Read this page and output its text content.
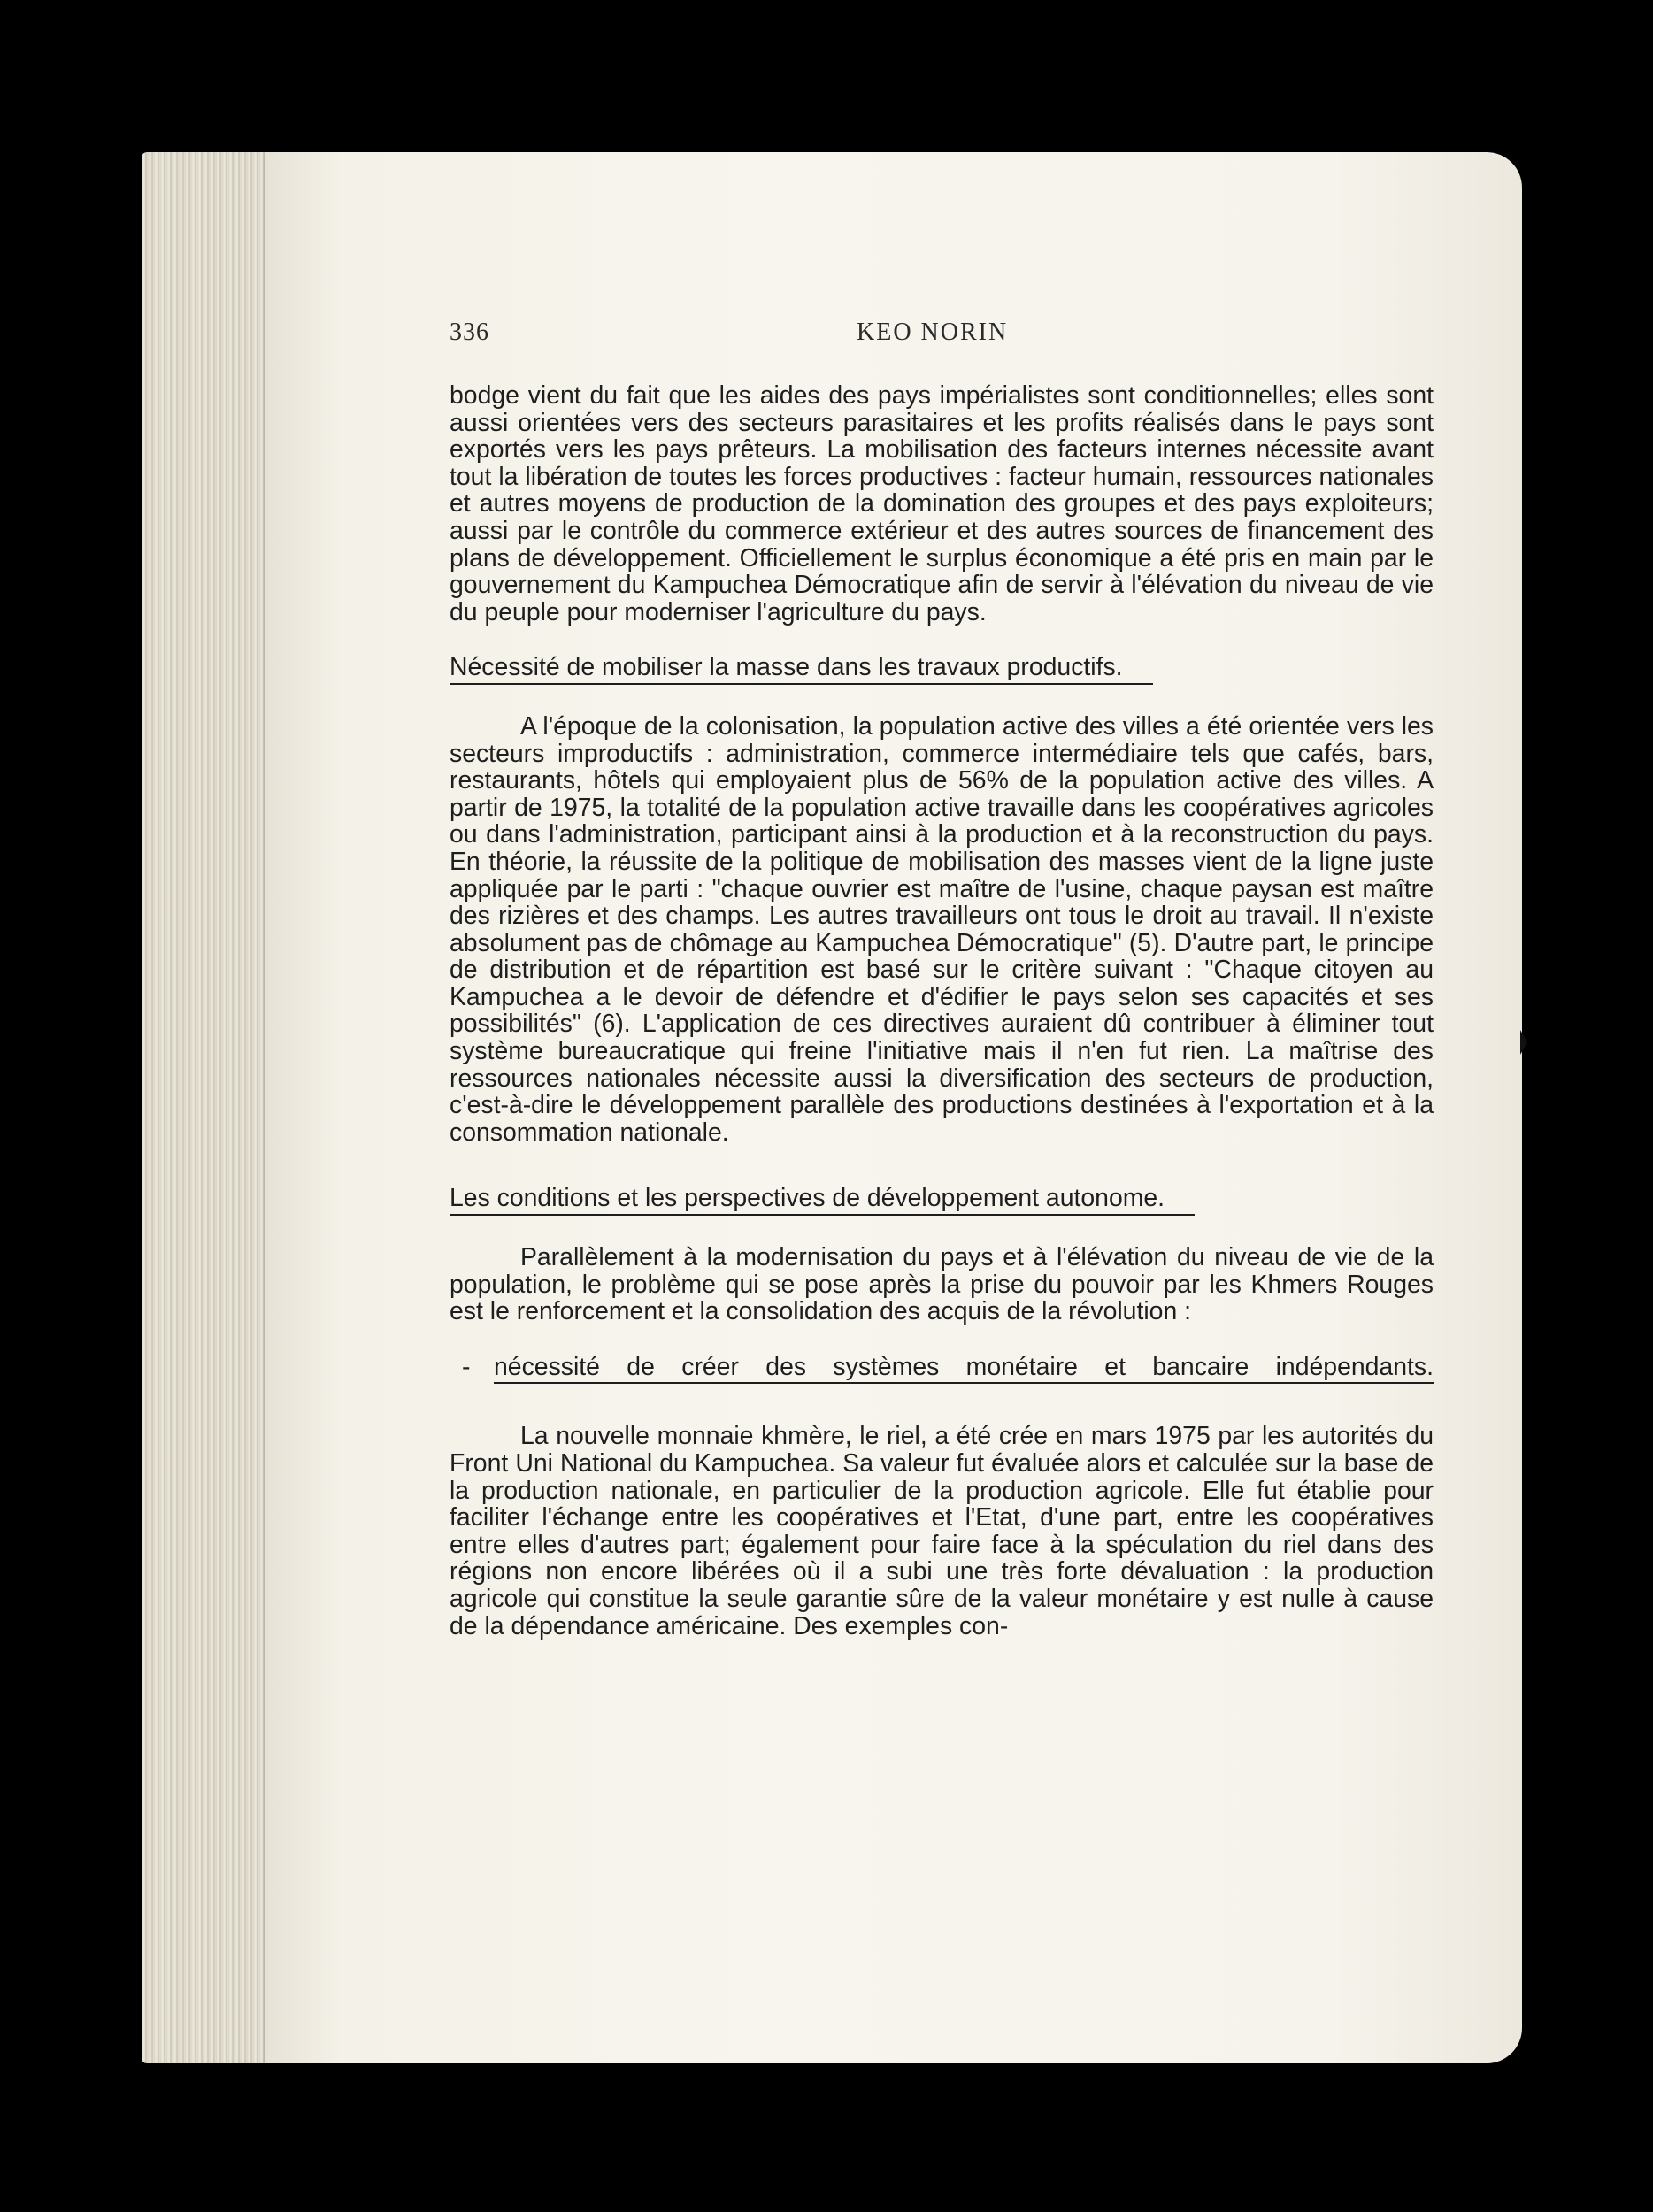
336	KEO NORIN

bodge vient du fait que les aides des pays impérialistes sont conditionnelles; elles sont aussi orientées vers des secteurs parasitaires et les profits réalisés dans le pays sont exportés vers les pays prêteurs. La mobilisation des facteurs internes nécessite avant tout la libération de toutes les forces productives : facteur humain, ressources nationales et autres moyens de production de la domination des groupes et des pays exploiteurs; aussi par le contrôle du commerce extérieur et des autres sources de financement des plans de développement. Officiellement le surplus économique a été pris en main par le gouvernement du Kampuchea Démocratique afin de servir à l'élévation du niveau de vie du peuple pour moderniser l'agriculture du pays.

Nécessité de mobiliser la masse dans les travaux productifs.

A l'époque de la colonisation, la population active des villes a été orientée vers les secteurs improductifs : administration, commerce intermédiaire tels que cafés, bars, restaurants, hôtels qui employaient plus de 56% de la population active des villes. A partir de 1975, la totalité de la population active travaille dans les coopératives agricoles ou dans l'administration, participant ainsi à la production et à la reconstruction du pays. En théorie, la réussite de la politique de mobilisation des masses vient de la ligne juste appliquée par le parti : "chaque ouvrier est maître de l'usine, chaque paysan est maître des rizières et des champs. Les autres travailleurs ont tous le droit au travail. Il n'existe absolument pas de chômage au Kampuchea Démocratique" (5). D'autre part, le principe de distribution et de répartition est basé sur le critère suivant : "Chaque citoyen au Kampuchea a le devoir de défendre et d'édifier le pays selon ses capacités et ses possibilités" (6). L'application de ces directives auraient dû contribuer à éliminer tout système bureaucratique qui freine l'initiative mais il n'en fut rien. La maîtrise des ressources nationales nécessite aussi la diversification des secteurs de production, c'est-à-dire le développement parallèle des productions destinées à l'exportation et à la consommation nationale.

Les conditions et les perspectives de développement autonome.

Parallèlement à la modernisation du pays et à l'élévation du niveau de vie de la population, le problème qui se pose après la prise du pouvoir par les Khmers Rouges est le renforcement et la consolidation des acquis de la révolution :

- nécessité de créer des systèmes monétaire et bancaire indépendants.

La nouvelle monnaie khmère, le riel, a été crée en mars 1975 par les autorités du Front Uni National du Kampuchea. Sa valeur fut évaluée alors et calculée sur la base de la production nationale, en particulier de la production agricole. Elle fut établie pour faciliter l'échange entre les coopératives et l'Etat, d'une part, entre les coopératives entre elles d'autres part; également pour faire face à la spéculation du riel dans des régions non encore libérées où il a subi une très forte dévaluation : la production agricole qui constitue la seule garantie sûre de la valeur monétaire y est nulle à cause de la dépendance américaine. Des exemples con-
